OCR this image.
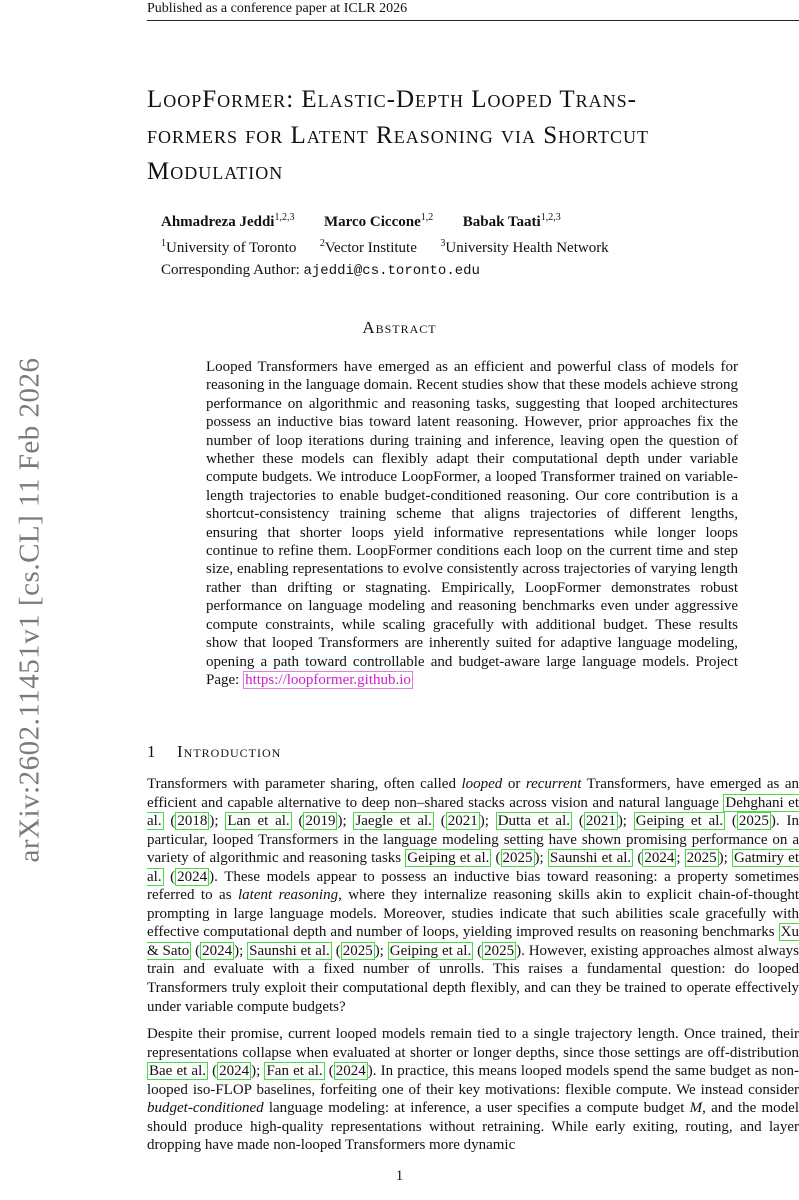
Published as a conference paper at ICLR 2026
arXiv:2602.11451v1 [cs.CL] 11 Feb 2026
LoopFormer: Elastic-Depth Looped Trans-
formers for Latent Reasoning via Shortcut
Modulation
Ahmadreza Jeddi$^{1,2,3}$ Marco Ciccone$^{1,2}$ Babak Taati$^{1,2,3}$
$^1$University of Toronto $^2$Vector Institute $^3$University Health Network
Corresponding Author: ajeddi@cs.toronto.edu
Abstract

Looped Transformers have emerged as an efficient and powerful class of models for reasoning in the language domain. Recent studies show that these models achieve strong performance on algorithmic and reasoning tasks, suggesting that looped architectures possess an inductive bias toward latent reasoning. However, prior approaches fix the number of loop iterations during training and inference, leaving open the question of whether these models can flexibly adapt their computational depth under variable compute budgets. We introduce LoopFormer, a looped Transformer trained on variable-length trajectories to enable budget-conditioned reasoning. Our core contribution is a shortcut-consistency training scheme that aligns trajectories of different lengths, ensuring that shorter loops yield informative representations while longer loops continue to refine them. LoopFormer conditions each loop on the current time and step size, enabling representations to evolve consistently across trajectories of varying length rather than drifting or stagnating. Empirically, LoopFormer demonstrates robust performance on language modeling and reasoning benchmarks even under aggressive compute constraints, while scaling gracefully with additional budget. These results show that looped Transformers are inherently suited for adaptive language modeling, opening a path toward controllable and budget-aware large language models. Project Page: https://loopformer.github.io

1 Introduction

Transformers with parameter sharing, often called looped or recurrent Transformers, have emerged as an efficient and capable alternative to deep non–shared stacks across vision and natural language Dehghani et al. ( 2018 ); Lan et al. ( 2019 ); Jaegle et al. ( 2021 ); Dutta et al. ( 2021 ); Geiping et al. ( 2025 ). In particular, looped Transformers in the language modeling setting have shown promising performance on a variety of algorithmic and reasoning tasks Geiping et al. ( 2025 ); Saunshi et al. ( 2024 ; 2025 ); Gatmiry et al. ( 2024 ). These models appear to possess an inductive bias toward reasoning: a property sometimes referred to as latent reasoning, where they internalize reasoning skills akin to explicit chain-of-thought prompting in large language models. Moreover, studies indicate that such abilities scale gracefully with effective computational depth and number of loops, yielding improved results on reasoning benchmarks Xu & Sato ( 2024 ); Saunshi et al. ( 2025 ); Geiping et al. ( 2025 ). However, existing approaches almost always train and evaluate with a fixed number of unrolls. This raises a fundamental question: do looped Transformers truly exploit their computational depth flexibly, and can they be trained to operate effectively under variable compute budgets?

Despite their promise, current looped models remain tied to a single trajectory length. Once trained, their representations collapse when evaluated at shorter or longer depths, since those settings are off-distribution Bae et al. ( 2024 ); Fan et al. ( 2024 ). In practice, this means looped models spend the same budget as non-looped iso-FLOP baselines, forfeiting one of their key motivations: flexible compute. We instead consider budget-conditioned language modeling: at inference, a user specifies a compute budget M, and the model should produce high-quality representations without retraining. While early exiting, routing, and layer dropping have made non-looped Transformers more dynamic

1
